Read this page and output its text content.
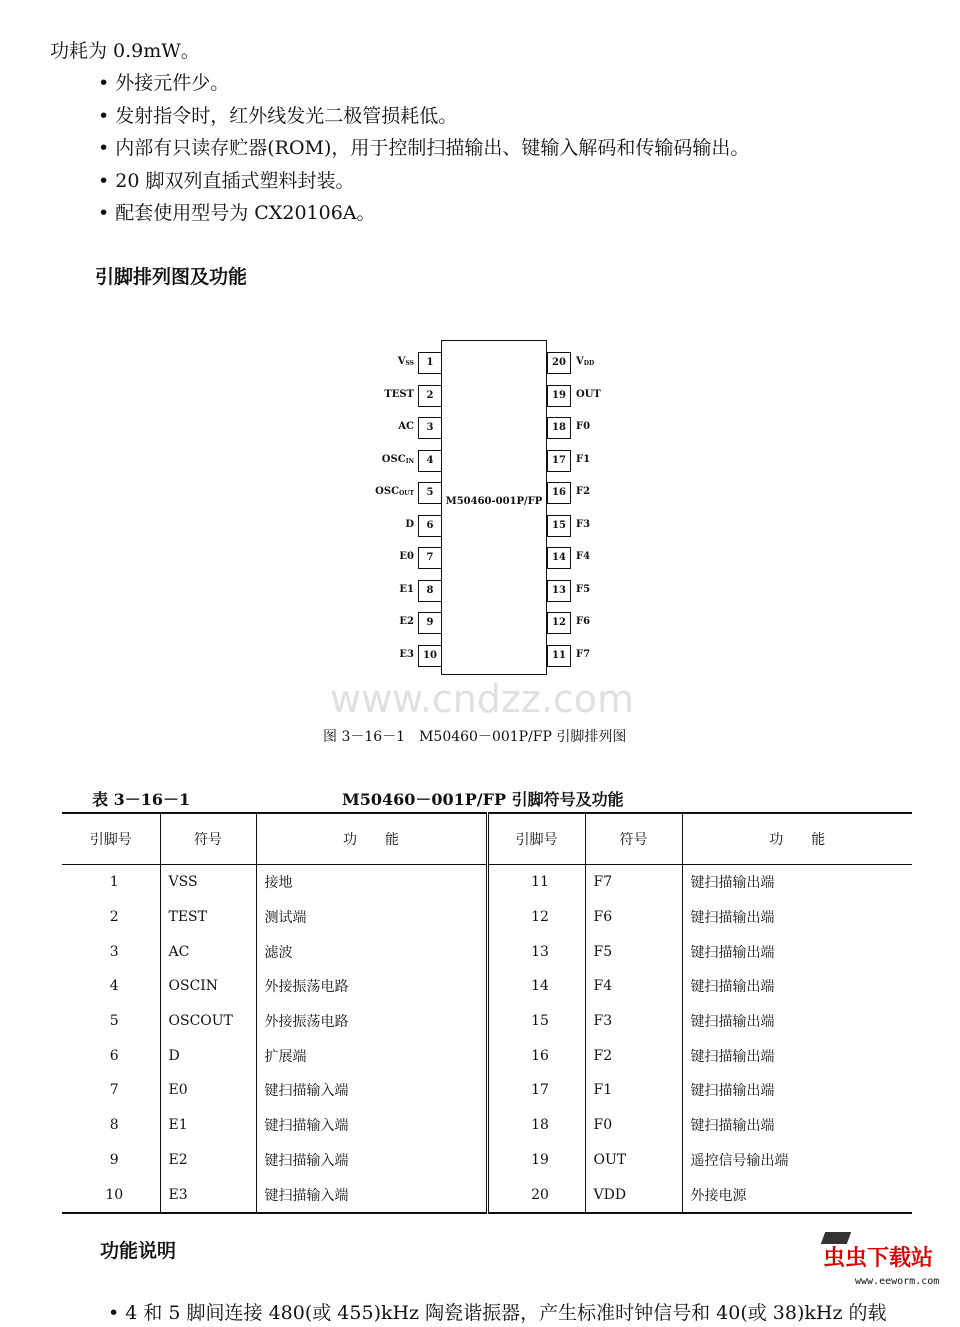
功耗为 0.9mW。
• 外接元件少。
• 发射指令时，红外线发光二极管损耗低。
• 内部有只读存贮器(ROM)，用于控制扫描输出、键输入解码和传输码输出。
• 20 脚双列直插式塑料封装。
• 配套使用型号为 CX20106A。
引脚排列图及功能
M50460-001P/FP
1
$V_{SS}$
2
TEST
3
AC
4
$OSC_{IN}$
5
$OSC_{OUT}$
6
D
7
E0
8
E1
9
E2
10
E3
20	$V_{DD}$
19	OUT
18	F0
17	F1
16	F2
15	F3
14	F4
13	F5
12	F6
11	F7
www.cndzz.com
图 3－16－1　M50460－001P/FP 引脚排列图
表 3－16－1	M50460－001P/FP 引脚符号及功能
引脚号	符号	功　　能	引脚号	符号	功　　能
1	VSS	接地	11	F7	键扫描输出端
2	TEST	测试端	12	F6	键扫描输出端
3	AC	滤波	13	F5	键扫描输出端
4	OSCIN	外接振荡电路	14	F4	键扫描输出端
5	OSCOUT	外接振荡电路	15	F3	键扫描输出端
6	D	扩展端	16	F2	键扫描输出端
7	E0	键扫描输入端	17	F1	键扫描输出端
8	E1	键扫描输入端	18	F0	键扫描输出端
9	E2	键扫描输入端	19	OUT	遥控信号输出端
10	E3	键扫描输入端	20	VDD	外接电源
功能说明
• 4 和 5 脚间连接 480(或 455)kHz 陶瓷谐振器，产生标准时钟信号和 40(或 38)kHz 的载
虫虫下载站
www.eeworm.com
